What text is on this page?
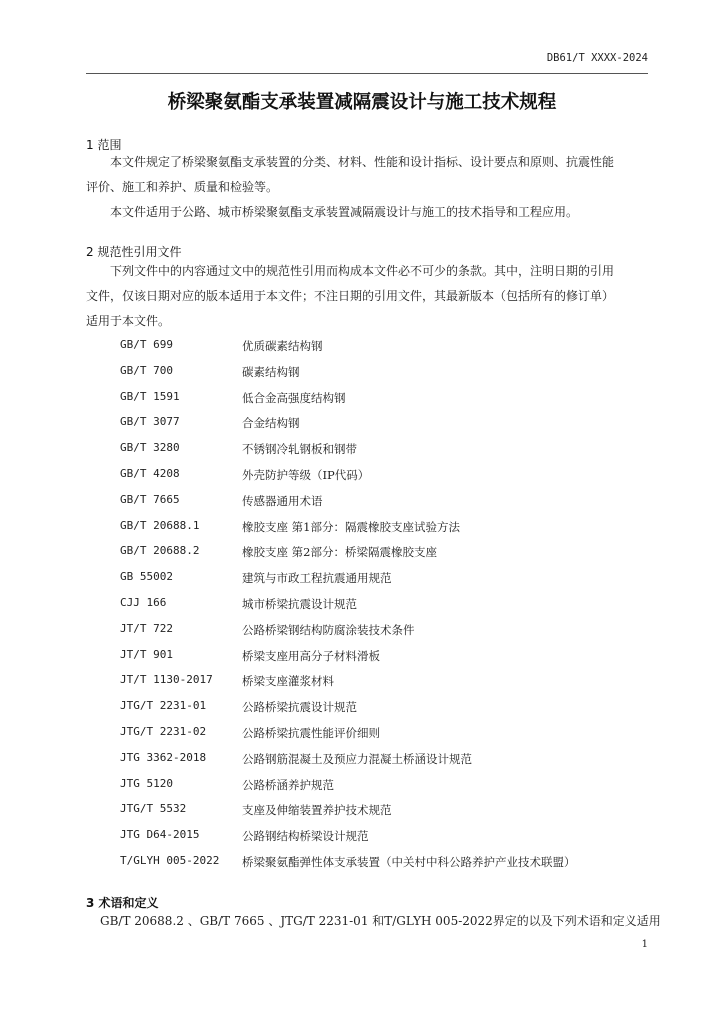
DB61/T XXXX-2024
桥梁聚氨酯支承装置减隔震设计与施工技术规程
1 范围
本文件规定了桥梁聚氨酯支承装置的分类、材料、性能和设计指标、设计要点和原则、抗震性能
评价、施工和养护、质量和检验等。
本文件适用于公路、城市桥梁聚氨酯支承装置减隔震设计与施工的技术指导和工程应用。
2 规范性引用文件
下列文件中的内容通过文中的规范性引用而构成本文件必不可少的条款。其中，注明日期的引用
文件，仅该日期对应的版本适用于本文件；不注日期的引用文件，其最新版本（包括所有的修订单）
适用于本文件。
GB/T 699	优质碳素结构钢
GB/T 700	碳素结构钢
GB/T 1591	低合金高强度结构钢
GB/T 3077	合金结构钢
GB/T 3280	不锈钢冷轧钢板和钢带
GB/T 4208	外壳防护等级（IP代码）
GB/T 7665	传感器通用术语
GB/T 20688.1	橡胶支座 第1部分：隔震橡胶支座试验方法
GB/T 20688.2	橡胶支座 第2部分：桥梁隔震橡胶支座
GB 55002	建筑与市政工程抗震通用规范
CJJ 166	城市桥梁抗震设计规范
JT/T 722	公路桥梁钢结构防腐涂装技术条件
JT/T 901	桥梁支座用高分子材料滑板
JT/T 1130-2017	桥梁支座灌浆材料
JTG/T 2231-01	公路桥梁抗震设计规范
JTG/T 2231-02	公路桥梁抗震性能评价细则
JTG 3362-2018	公路钢筋混凝土及预应力混凝土桥涵设计规范
JTG 5120	公路桥涵养护规范
JTG/T 5532	支座及伸缩装置养护技术规范
JTG D64-2015	公路钢结构桥梁设计规范
T/GLYH 005-2022 桥梁聚氨酯弹性体支承装置（中关村中科公路养护产业技术联盟）
3 术语和定义
GB/T 20688.2 、GB/T 7665 、JTG/T 2231-01 和T/GLYH 005-2022界定的以及下列术语和定义适用
1
